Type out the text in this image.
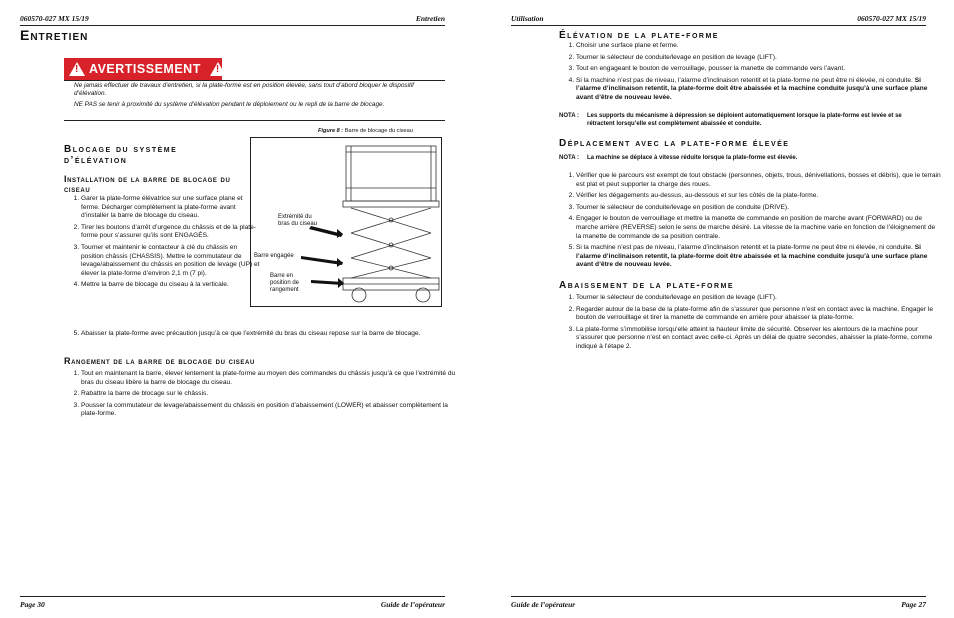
060570-027 MX 15/19	Entretien
Entretien
! AVERTISSEMENT !
Ne jamais effectuer de travaux d’entretien, si la plate-forme est en position élevée, sans tout d’abord bloquer le dispositif d’élévation.
NE PAS se tenir à proximité du système d’élévation pendant le déploiement ou le repli de la barre de blocage.
Figure 8 : Barre de blocage du ciseau
Extrémité du bras du ciseau
Barre engagée
Barre en position de rangement
Blocage du système d’élévation
Installation de la barre de blocage du ciseau
1. Garer la plate-forme élévatrice sur une surface plane et ferme. Décharger complètement la plate-forme avant d’installer la barre de blocage du ciseau.
2. Tirer les boutons d’arrêt d’urgence du châssis et de la plate-forme pour s’assurer qu’ils sont ENGAGÉS.
3. Tourner et maintenir le contacteur à clé du châssis en position châssis (CHASSIS). Mettre le commutateur de levage/abaissement du châssis en position de levage (UP) et élever la plate-forme d’environ 2,1 m (7 pi).
4. Mettre la barre de blocage du ciseau à la verticale.
5. Abaisser la plate-forme avec précaution jusqu’à ce que l’extrémité du bras du ciseau repose sur la barre de blocage.
Rangement de la barre de blocage du ciseau
1. Tout en maintenant la barre, élever lentement la plate-forme au moyen des commandes du châssis jusqu’à ce que l’extrémité du bras du ciseau libère la barre de blocage du ciseau.
2. Rabattre la barre de blocage sur le châssis.
3. Pousser la commutateur de levage/abaissement du châssis en position d’abaissement (LOWER) et abaisser complètement la plate-forme.
Page 30	Guide de l’opérateur
Utilisation	060570-027 MX 15/19
Élévation de la plate-forme
1. Choisir une surface plane et ferme.
2. Tourner le sélecteur de conduite/levage en position de levage (LIFT).
3. Tout en engageant le bouton de verrouillage, pousser la manette de commande vers l’avant.
4. Si la machine n’est pas de niveau, l’alarme d’inclinaison retentit et la plate-forme ne peut être ni élevée, ni conduite. Si l’alarme d’inclinaison retentit, la plate-forme doit être abaissée et la machine conduite jusqu’à une surface plane avant d’être de nouveau levée.
NOTA :	Les supports du mécanisme à dépression se déploient automatiquement lorsque la plate-forme est levée et se rétractent lorsqu’elle est complètement abaissée et conduite.
Déplacement avec la plate-forme élevée
NOTA :	La machine se déplace à vitesse réduite lorsque la plate-forme est élevée.
1. Vérifier que le parcours est exempt de tout obstacle (personnes, objets, trous, dénivellations, bosses et débris), que le terrain est plat et peut supporter la charge des roues.
2. Vérifier les dégagements au-dessus, au-dessous et sur les côtés de la plate-forme.
3. Tourner le sélecteur de conduite/levage en position de conduite (DRIVE).
4. Engager le bouton de verrouillage et mettre la manette de commande en position de marche avant (FORWARD) ou de marche arrière (REVERSE) selon le sens de marche désiré. La vitesse de la machine varie en fonction de l’éloignement de la manette de commande de sa position centrale.
5. Si la machine n’est pas de niveau, l’alarme d’inclinaison retentit et la plate-forme ne peut être ni élevée, ni conduite. Si l’alarme d’inclinaison retentit, la plate-forme doit être abaissée et la machine conduite jusqu’à une surface plane avant d’être de nouveau levée.
Abaissement de la plate-forme
1. Tourner le sélecteur de conduite/levage en position de levage (LIFT).
2. Regarder autour de la base de la plate-forme afin de s’assurer que personne n’est en contact avec la machine. Engager le bouton de verrouillage et tirer la manette de commande en arrière pour abaisser la plate-forme.
3. La plate-forme s’immobilise lorsqu’elle atteint la hauteur limite de sécurité. Observer les alentours de la machine pour s’assurer que personne n’est en contact avec celle-ci. Après un délai de quatre secondes, abaisser la plate-forme, comme indiqué à l’étape 2.
Guide de l’opérateur	Page 27
